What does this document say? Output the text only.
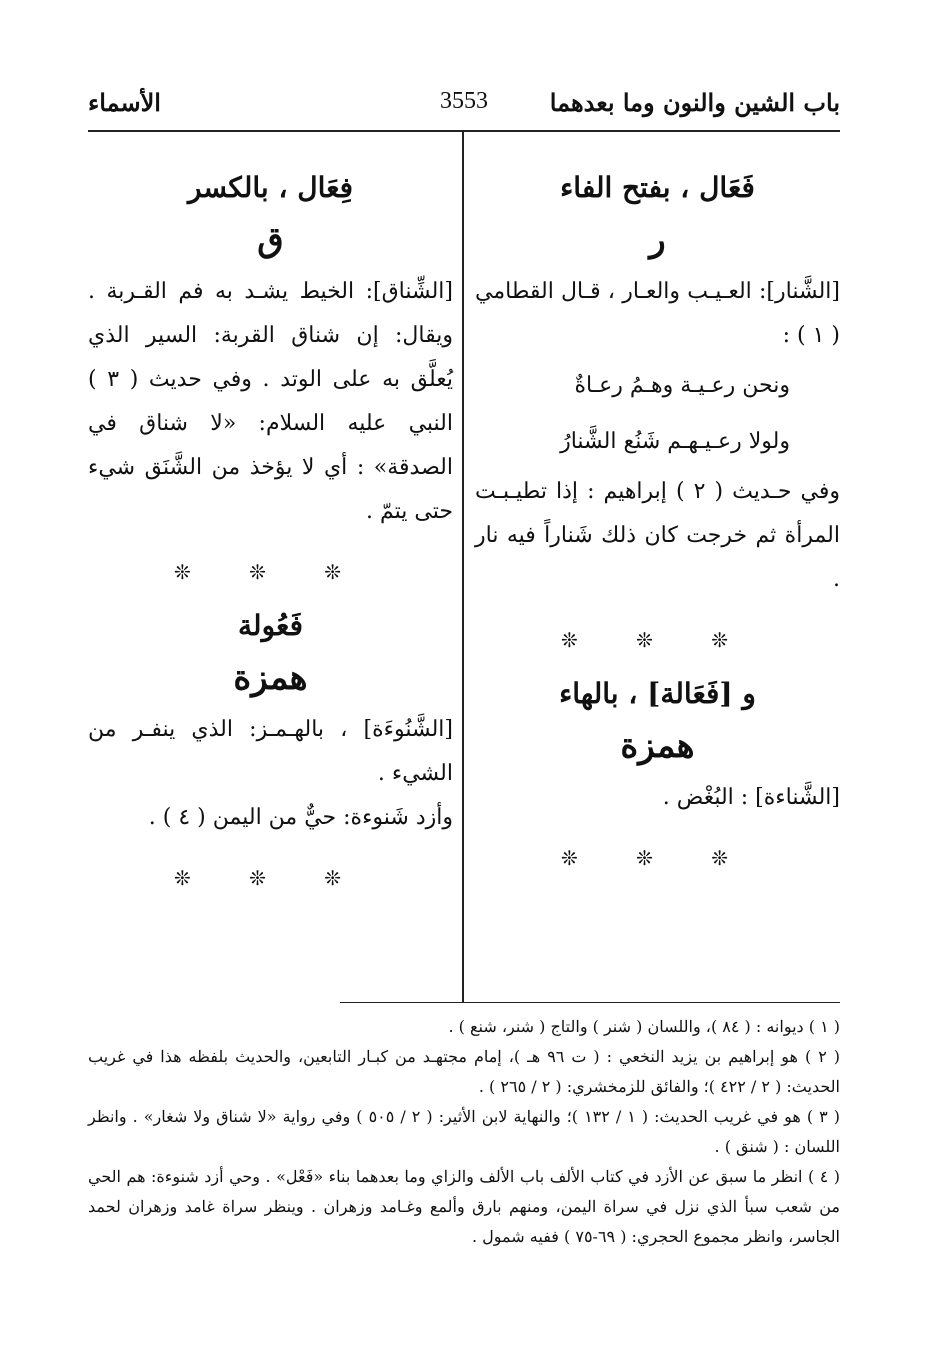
باب الشين والنون وما بعدهما
3553
الأسماء
فَعَال ، بفتح الفاء
ر

[الشَّنار]: العـيـب والعـار ، قـال القطامي ( ١ ) :

ونحن رعـيـة وهـمُ رعـاةٌ

ولولا رعـيـهـم شَنُع الشَّنارُ

وفي حـديث ( ٢ ) إبراهيم : إذا تطيـبـت المرأة ثم خرجت كان ذلك شَناراً فيه نار .

❊ ❊ ❊
و [فَعَالة] ، بالهاء
همزة

[الشَّناءة] : البُغْض .

❊ ❊ ❊
فِعَال ، بالكسر
ق

[الشِّناق]: الخيط يشـد به فم القـربة . ويقال: إن شناق القربة: السير الذي يُعلَّق به على الوتد . وفي حديث ( ٣ ) النبي عليه السلام: «لا شناق في الصدقة» : أي لا يؤخذ من الشَّنَق شيء حتى يتمّ .

❊ ❊ ❊
فَعُولة
همزة

[الشَّنُوءَة] ، بالهـمـز: الذي ينفـر من الشيء .

وأزد شَنوءة: حيٌّ من اليمن ( ٤ ) .

❊ ❊ ❊

( ١ ) ديوانه : ( ٨٤ )، واللسان ( شنر ) والتاج ( شنر، شنع ) .

( ٢ ) هو إبراهيم بن يزيد النخعي : ( ت ٩٦ هـ )، إمام مجتهـد من كبـار التابعين، والحديث بلفظه هذا في غريب الحديث: ( ٢ / ٤٢٢ )؛ والفائق للزمخشري: ( ٢ / ٢٦٥ ) .

( ٣ ) هو في غريب الحديث: ( ١ / ١٣٢ )؛ والنهاية لابن الأثير: ( ٢ / ٥٠٥ ) وفي رواية «لا شناق ولا شغار» . وانظر اللسان : ( شنق ) .

( ٤ ) انظر ما سبق عن الأزد في كتاب الألف باب الألف والزاي وما بعدهما بناء «فَعْل» . وحي أزد شنوءة: هم الحي من شعب سبأ الذي نزل في سراة اليمن، ومنهم بارق وألمع وغـامد وزهران . وينظر سراة غامد وزهران لحمد الجاسر، وانظر مجموع الحجري: ( ٦٩-٧٥ ) ففيه شمول .
